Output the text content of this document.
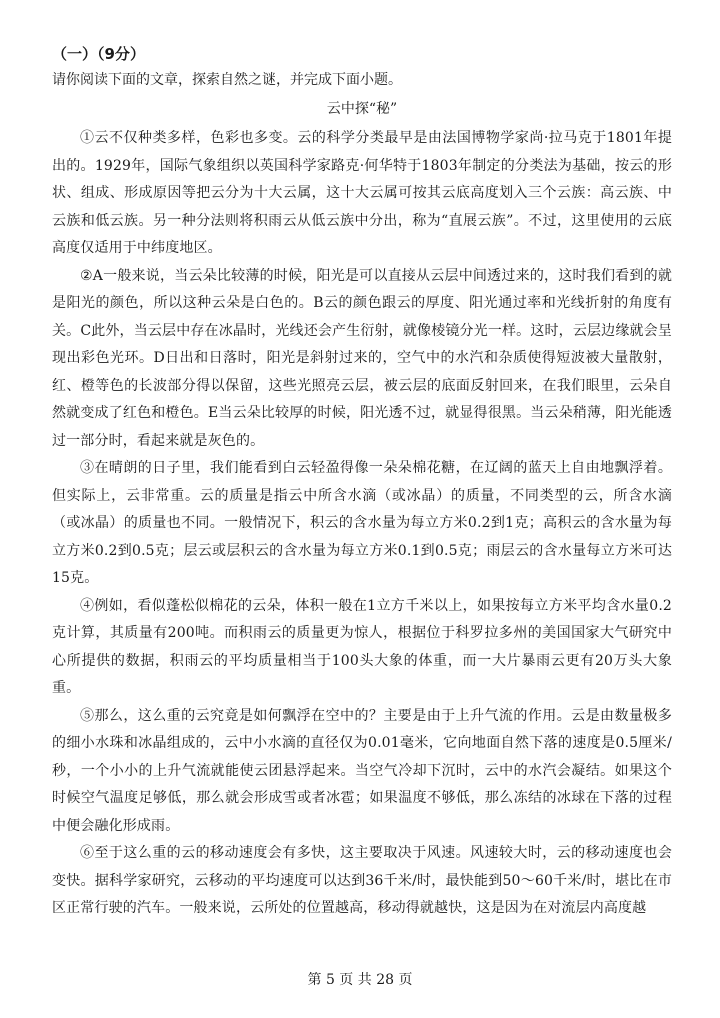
（一）（9分）

请你阅读下面的文章，探索自然之谜，并完成下面小题。

云中探“秘”

①云不仅种类多样，色彩也多变。云的科学分类最早是由法国博物学家尚·拉马克于1801年提出的。1929年，国际气象组织以英国科学家路克·何华特于1803年制定的分类法为基础，按云的形状、组成、形成原因等把云分为十大云属，这十大云属可按其云底高度划入三个云族：高云族、中云族和低云族。另一种分法则将积雨云从低云族中分出，称为“直展云族”。不过，这里使用的云底高度仅适用于中纬度地区。

②A一般来说，当云朵比较薄的时候，阳光是可以直接从云层中间透过来的，这时我们看到的就是阳光的颜色，所以这种云朵是白色的。B云的颜色跟云的厚度、阳光通过率和光线折射的角度有关。C此外，当云层中存在冰晶时，光线还会产生衍射，就像棱镜分光一样。这时，云层边缘就会呈现出彩色光环。D日出和日落时，阳光是斜射过来的，空气中的水汽和杂质使得短波被大量散射，红、橙等色的长波部分得以保留，这些光照亮云层，被云层的底面反射回来，在我们眼里，云朵自然就变成了红色和橙色。E当云朵比较厚的时候，阳光透不过，就显得很黑。当云朵稍薄，阳光能透过一部分时，看起来就是灰色的。

③在晴朗的日子里，我们能看到白云轻盈得像一朵朵棉花糖，在辽阔的蓝天上自由地飘浮着。但实际上，云非常重。云的质量是指云中所含水滴（或冰晶）的质量，不同类型的云，所含水滴（或冰晶）的质量也不同。一般情况下，积云的含水量为每立方米0.2到1克；高积云的含水量为每立方米0.2到0.5克；层云或层积云的含水量为每立方米0.1到0.5克；雨层云的含水量每立方米可达15克。

④例如，看似蓬松似棉花的云朵，体积一般在1立方千米以上，如果按每立方米平均含水量0.2克计算，其质量有200吨。而积雨云的质量更为惊人，根据位于科罗拉多州的美国国家大气研究中心所提供的数据，积雨云的平均质量相当于100头大象的体重，而一大片暴雨云更有20万头大象重。

⑤那么，这么重的云究竟是如何飘浮在空中的？主要是由于上升气流的作用。云是由数量极多的细小水珠和冰晶组成的，云中小水滴的直径仅为0.01毫米，它向地面自然下落的速度是0.5厘米/秒，一个小小的上升气流就能使云团悬浮起来。当空气冷却下沉时，云中的水汽会凝结。如果这个时候空气温度足够低，那么就会形成雪或者冰雹；如果温度不够低，那么冻结的冰球在下落的过程中便会融化形成雨。

⑥至于这么重的云的移动速度会有多快，这主要取决于风速。风速较大时，云的移动速度也会变快。据科学家研究，云移动的平均速度可以达到36千米/时，最快能到50～60千米/时，堪比在市区正常行驶的汽车。一般来说，云所处的位置越高，移动得就越快，这是因为在对流层内高度越

第 5 页 共 28 页
